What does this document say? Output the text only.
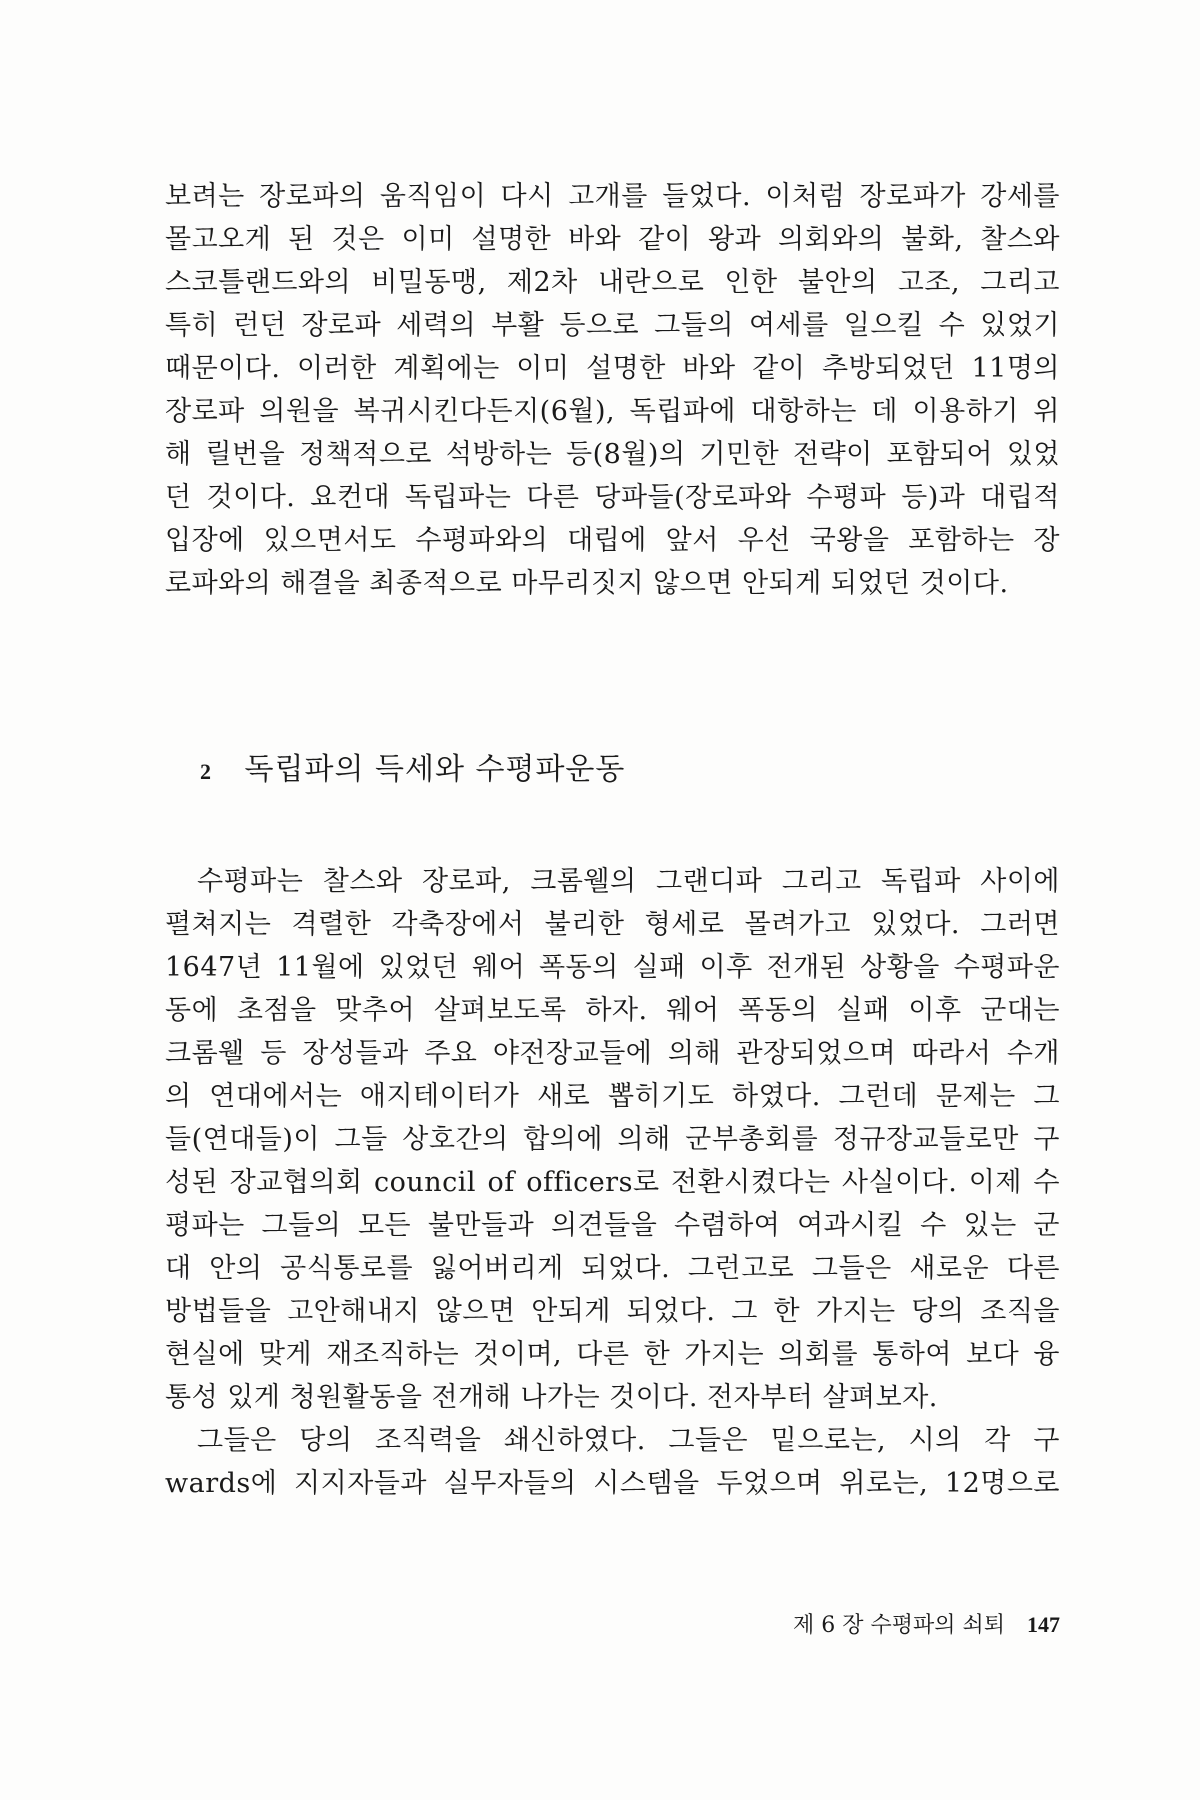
보려는 장로파의 움직임이 다시 고개를 들었다. 이처럼 장로파가 강세를
몰고오게 된 것은 이미 설명한 바와 같이 왕과 의회와의 불화, 찰스와
스코틀랜드와의 비밀동맹, 제2차 내란으로 인한 불안의 고조, 그리고
특히 런던 장로파 세력의 부활 등으로 그들의 여세를 일으킬 수 있었기
때문이다. 이러한 계획에는 이미 설명한 바와 같이 추방되었던 11명의
장로파 의원을 복귀시킨다든지(6월), 독립파에 대항하는 데 이용하기 위
해 릴번을 정책적으로 석방하는 등(8월)의 기민한 전략이 포함되어 있었
던 것이다. 요컨대 독립파는 다른 당파들(장로파와 수평파 등)과 대립적
입장에 있으면서도 수평파와의 대립에 앞서 우선 국왕을 포함하는 장
로파와의 해결을 최종적으로 마무리짓지 않으면 안되게 되었던 것이다.
2 독립파의 득세와 수평파운동
수평파는 찰스와 장로파, 크롬웰의 그랜디파 그리고 독립파 사이에
펼쳐지는 격렬한 각축장에서 불리한 형세로 몰려가고 있었다. 그러면
1647년 11월에 있었던 웨어 폭동의 실패 이후 전개된 상황을 수평파운
동에 초점을 맞추어 살펴보도록 하자. 웨어 폭동의 실패 이후 군대는
크롬웰 등 장성들과 주요 야전장교들에 의해 관장되었으며 따라서 수개
의 연대에서는 애지테이터가 새로 뽑히기도 하였다. 그런데 문제는 그
들(연대들)이 그들 상호간의 합의에 의해 군부총회를 정규장교들로만 구
성된 장교협의회 council of officers로 전환시켰다는 사실이다. 이제 수
평파는 그들의 모든 불만들과 의견들을 수렴하여 여과시킬 수 있는 군
대 안의 공식통로를 잃어버리게 되었다. 그런고로 그들은 새로운 다른
방법들을 고안해내지 않으면 안되게 되었다. 그 한 가지는 당의 조직을
현실에 맞게 재조직하는 것이며, 다른 한 가지는 의회를 통하여 보다 융
통성 있게 청원활동을 전개해 나가는 것이다. 전자부터 살펴보자.
그들은 당의 조직력을 쇄신하였다. 그들은 밑으로는, 시의 각 구
wards에 지지자들과 실무자들의 시스템을 두었으며 위로는, 12명으로
제 6 장 수평파의 쇠퇴 147
